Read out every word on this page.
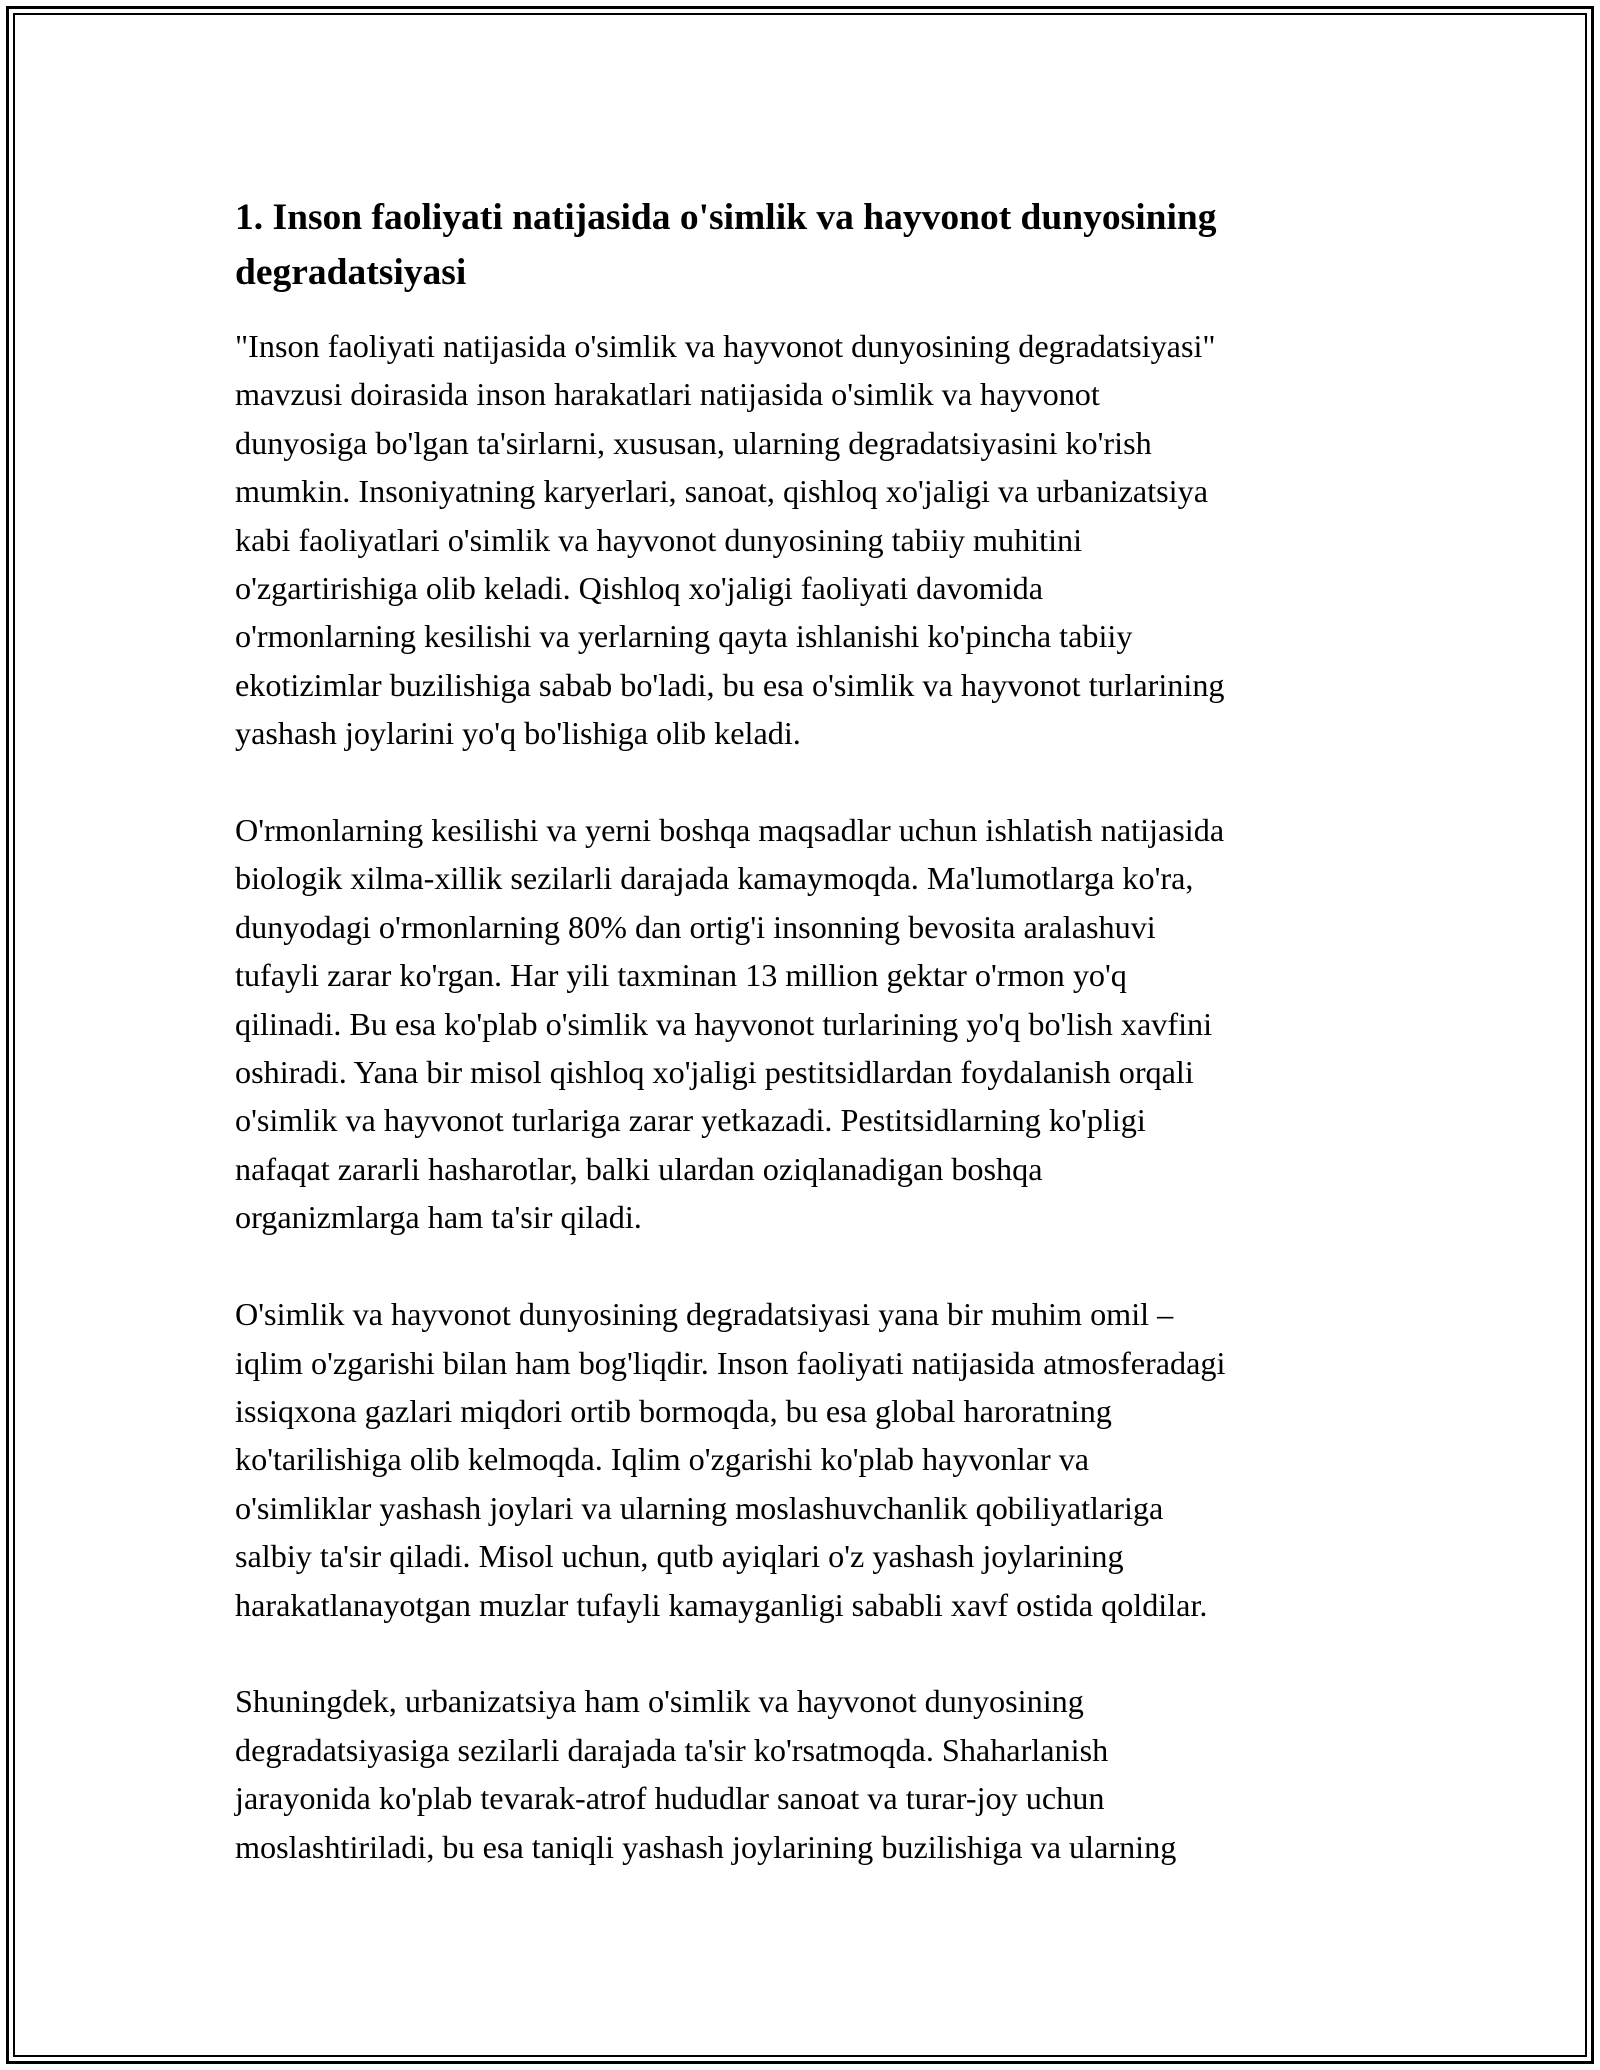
1. Inson faoliyati natijasida o'simlik va hayvonot dunyosining
degradatsiyasi

"Inson faoliyati natijasida o'simlik va hayvonot dunyosining degradatsiyasi"
mavzusi doirasida inson harakatlari natijasida o'simlik va hayvonot
dunyosiga bo'lgan ta'sirlarni, xususan, ularning degradatsiyasini ko'rish
mumkin. Insoniyatning karyerlari, sanoat, qishloq xo'jaligi va urbanizatsiya
kabi faoliyatlari o'simlik va hayvonot dunyosining tabiiy muhitini
o'zgartirishiga olib keladi. Qishloq xo'jaligi faoliyati davomida
o'rmonlarning kesilishi va yerlarning qayta ishlanishi ko'pincha tabiiy
ekotizimlar buzilishiga sabab bo'ladi, bu esa o'simlik va hayvonot turlarining
yashash joylarini yo'q bo'lishiga olib keladi.

O'rmonlarning kesilishi va yerni boshqa maqsadlar uchun ishlatish natijasida
biologik xilma-xillik sezilarli darajada kamaymoqda. Ma'lumotlarga ko'ra,
dunyodagi o'rmonlarning 80% dan ortig'i insonning bevosita aralashuvi
tufayli zarar ko'rgan. Har yili taxminan 13 million gektar o'rmon yo'q
qilinadi. Bu esa ko'plab o'simlik va hayvonot turlarining yo'q bo'lish xavfini
oshiradi. Yana bir misol qishloq xo'jaligi pestitsidlardan foydalanish orqali
o'simlik va hayvonot turlariga zarar yetkazadi. Pestitsidlarning ko'pligi
nafaqat zararli hasharotlar, balki ulardan oziqlanadigan boshqa
organizmlarga ham ta'sir qiladi.

O'simlik va hayvonot dunyosining degradatsiyasi yana bir muhim omil –
iqlim o'zgarishi bilan ham bog'liqdir. Inson faoliyati natijasida atmosferadagi
issiqxona gazlari miqdori ortib bormoqda, bu esa global haroratning
ko'tarilishiga olib kelmoqda. Iqlim o'zgarishi ko'plab hayvonlar va
o'simliklar yashash joylari va ularning moslashuvchanlik qobiliyatlariga
salbiy ta'sir qiladi. Misol uchun, qutb ayiqlari o'z yashash joylarining
harakatlanayotgan muzlar tufayli kamayganligi sababli xavf ostida qoldilar.

Shuningdek, urbanizatsiya ham o'simlik va hayvonot dunyosining
degradatsiyasiga sezilarli darajada ta'sir ko'rsatmoqda. Shaharlanish
jarayonida ko'plab tevarak-atrof hududlar sanoat va turar-joy uchun
moslashtiriladi, bu esa taniqli yashash joylarining buzilishiga va ularning
